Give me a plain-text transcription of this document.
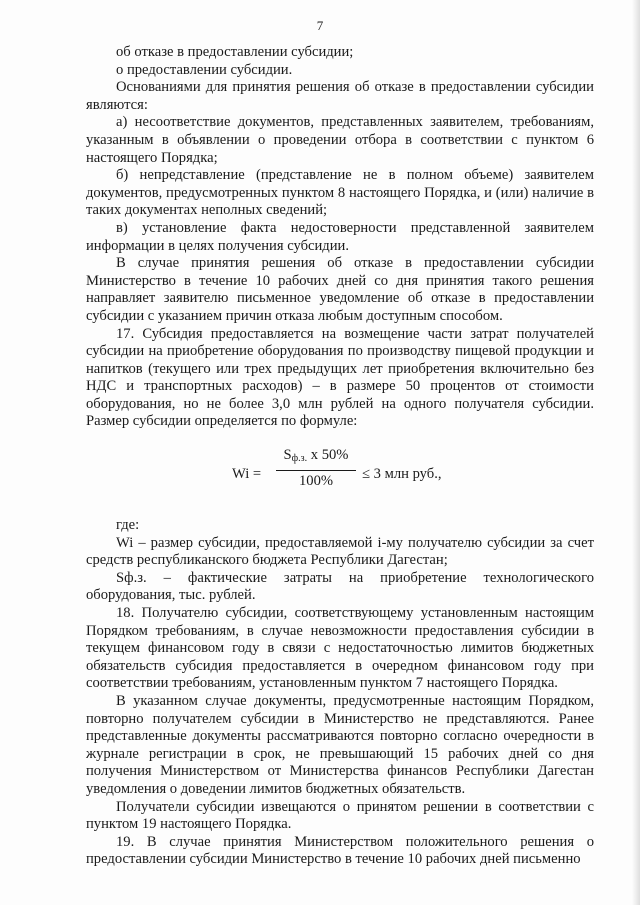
7

об отказе в предоставлении субсидии;

о предоставлении субсидии.

Основаниями для принятия решения об отказе в предоставлении субсидии являются:

а) несоответствие документов, представленных заявителем, требованиям, указанным в объявлении о проведении отбора в соответствии с пунктом 6 настоящего Порядка;

б) непредставление (представление не в полном объеме) заявителем документов, предусмотренных пунктом 8 настоящего Порядка, и (или) наличие в таких документах неполных сведений;

в) установление факта недостоверности представленной заявителем информации в целях получения субсидии.

В случае принятия решения об отказе в предоставлении субсидии Министерство в течение 10 рабочих дней со дня принятия такого решения направляет заявителю письменное уведомление об отказе в предоставлении субсидии с указанием причин отказа любым доступным способом.

17. Субсидия предоставляется на возмещение части затрат получателей субсидии на приобретение оборудования по производству пищевой продукции и напитков (текущего или трех предыдущих лет приобретения включительно без НДС и транспортных расходов) – в размере 50 процентов от стоимости оборудования, но не более 3,0 млн рублей на одного получателя субсидии. Размер субсидии определяется по формуле:

Wi =
$S_{ф.з.}$ x 50%
100%	≤ 3 млн руб.,

где:

Wi – размер субсидии, предоставляемой i-му получателю субсидии за счет средств республиканского бюджета Республики Дагестан;

Sф.з. – фактические затраты на приобретение технологического оборудования, тыс. рублей.

18. Получателю субсидии, соответствующему установленным настоящим Порядком требованиям, в случае невозможности предоставления субсидии в текущем финансовом году в связи с недостаточностью лимитов бюджетных обязательств субсидия предоставляется в очередном финансовом году при соответствии требованиям, установленным пунктом 7 настоящего Порядка.

В указанном случае документы, предусмотренные настоящим Порядком, повторно получателем субсидии в Министерство не представляются. Ранее представленные документы рассматриваются повторно согласно очередности в журнале регистрации в срок, не превышающий 15 рабочих дней со дня получения Министерством от Министерства финансов Республики Дагестан уведомления о доведении лимитов бюджетных обязательств.

Получатели субсидии извещаются о принятом решении в соответствии с пунктом 19 настоящего Порядка.

19. В случае принятия Министерством положительного решения о предоставлении субсидии Министерство в течение 10 рабочих дней письменно
